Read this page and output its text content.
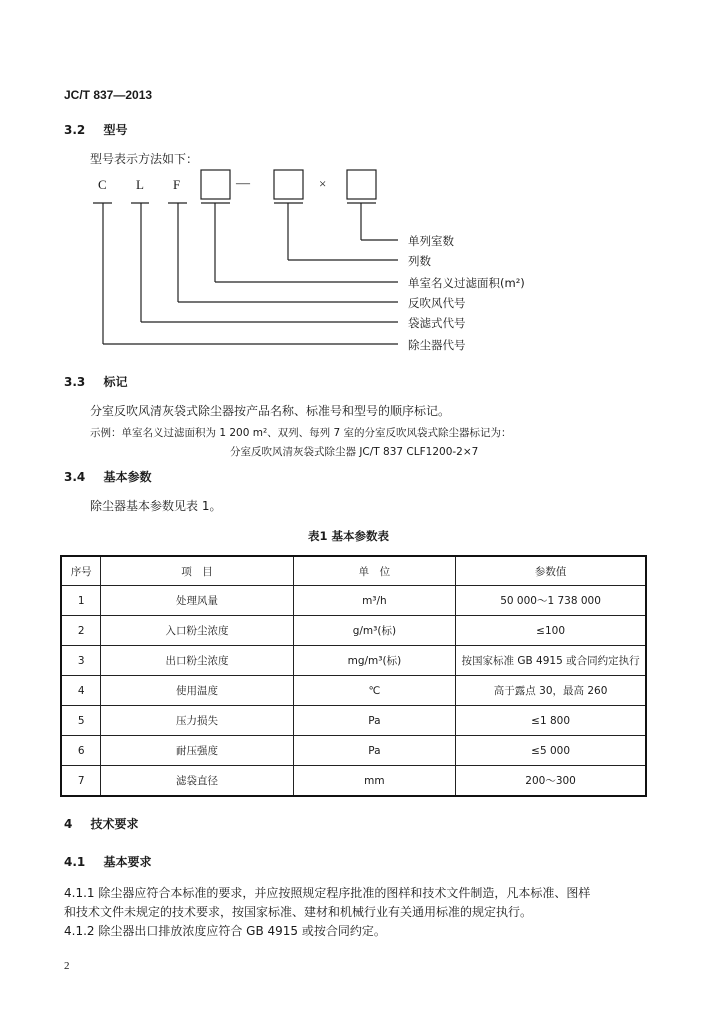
JC/T 837—2013
3.2 型号
型号表示方法如下：
C L F	—	×
单列室数
列数
单室名义过滤面积(m²)
反吹风代号
袋滤式代号
除尘器代号
3.3 标记
分室反吹风清灰袋式除尘器按产品名称、标准号和型号的顺序标记。
示例：单室名义过滤面积为 1 200 m²、双列、每列 7 室的分室反吹风袋式除尘器标记为：
分室反吹风清灰袋式除尘器 JC/T 837 CLF1200-2×7
3.4 基本参数
除尘器基本参数见表 1。
表1 基本参数表
序号	项　目	单　位	参数值
1	处理风量	m³/h	50 000～1 738 000
2	入口粉尘浓度	g/m³(标)	≤100
3	出口粉尘浓度	mg/m³(标)	按国家标准 GB 4915 或合同约定执行
4	使用温度	℃	高于露点 30，最高 260
5	压力损失	Pa	≤1 800
6	耐压强度	Pa	≤5 000
7	滤袋直径	mm	200～300
4 技术要求
4.1 基本要求
4.1.1 除尘器应符合本标准的要求，并应按照规定程序批准的图样和技术文件制造，凡本标准、图样
和技术文件未规定的技术要求，按国家标准、建材和机械行业有关通用标准的规定执行。
4.1.2 除尘器出口排放浓度应符合 GB 4915 或按合同约定。
2
